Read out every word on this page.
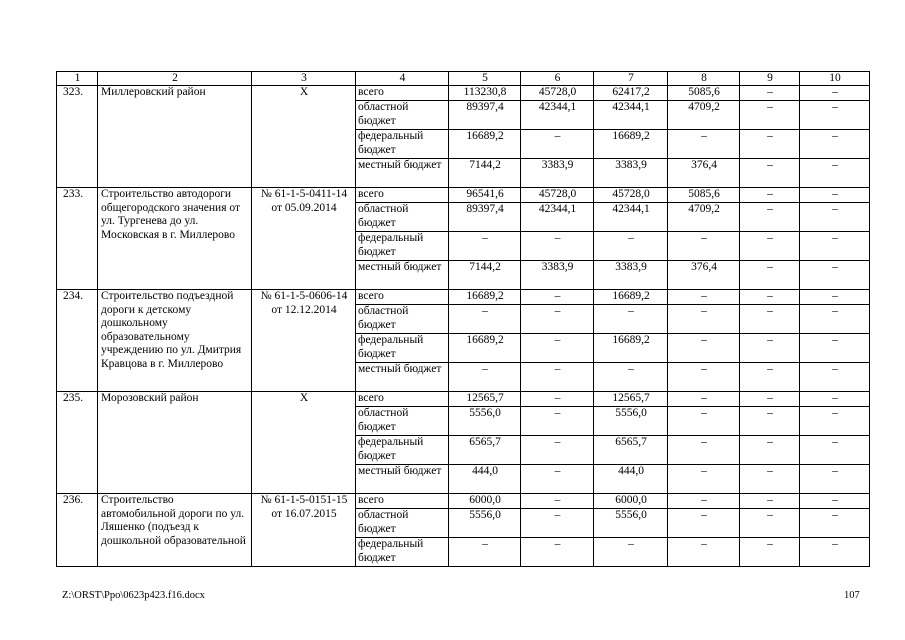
1	2	3	4	5	6	7	8	9	10
323.	Миллеровский район	X	всего	113230,8	45728,0	62417,2	5085,6	–	–
			областной бюджет	89397,4	42344,1	42344,1	4709,2	–	–
			федеральный бюджет	16689,2	–	16689,2	–	–	–
			местный бюджет	7144,2	3383,9	3383,9	376,4	–	–
233.	Строительство автодороги общегородского значения от ул. Тургенева до ул. Московская в г. Миллерово	№ 61-1-5-0411-14 от 05.09.2014	всего	96541,6	45728,0	45728,0	5085,6	–	–
			областной бюджет	89397,4	42344,1	42344,1	4709,2	–	–
			федеральный бюджет	–	–	–	–	–	–
			местный бюджет	7144,2	3383,9	3383,9	376,4	–	–
234.	Строительство подъездной дороги к детскому дошкольному образовательному учреждению по ул. Дмитрия Кравцова в г. Миллерово	№ 61-1-5-0606-14 от 12.12.2014	всего	16689,2	–	16689,2	–	–	–
			областной бюджет	–	–	–	–	–	–
			федеральный бюджет	16689,2	–	16689,2	–	–	–
			местный бюджет	–	–	–	–	–	–
235.	Морозовский район	X	всего	12565,7	–	12565,7	–	–	–
			областной бюджет	5556,0	–	5556,0	–	–	–
			федеральный бюджет	6565,7	–	6565,7	–	–	–
			местный бюджет	444,0	–	444,0	–	–	–
236.	Строительство автомобильной дороги по ул. Ляшенко (подъезд к дошкольной образовательной	№ 61-1-5-0151-15 от 16.07.2015	всего	6000,0	–	6000,0	–	–	–
			областной бюджет	5556,0	–	5556,0	–	–	–
			федеральный бюджет	–	–	–	–	–	–
Z:\ORST\Ppo\0623p423.f16.docx	107
